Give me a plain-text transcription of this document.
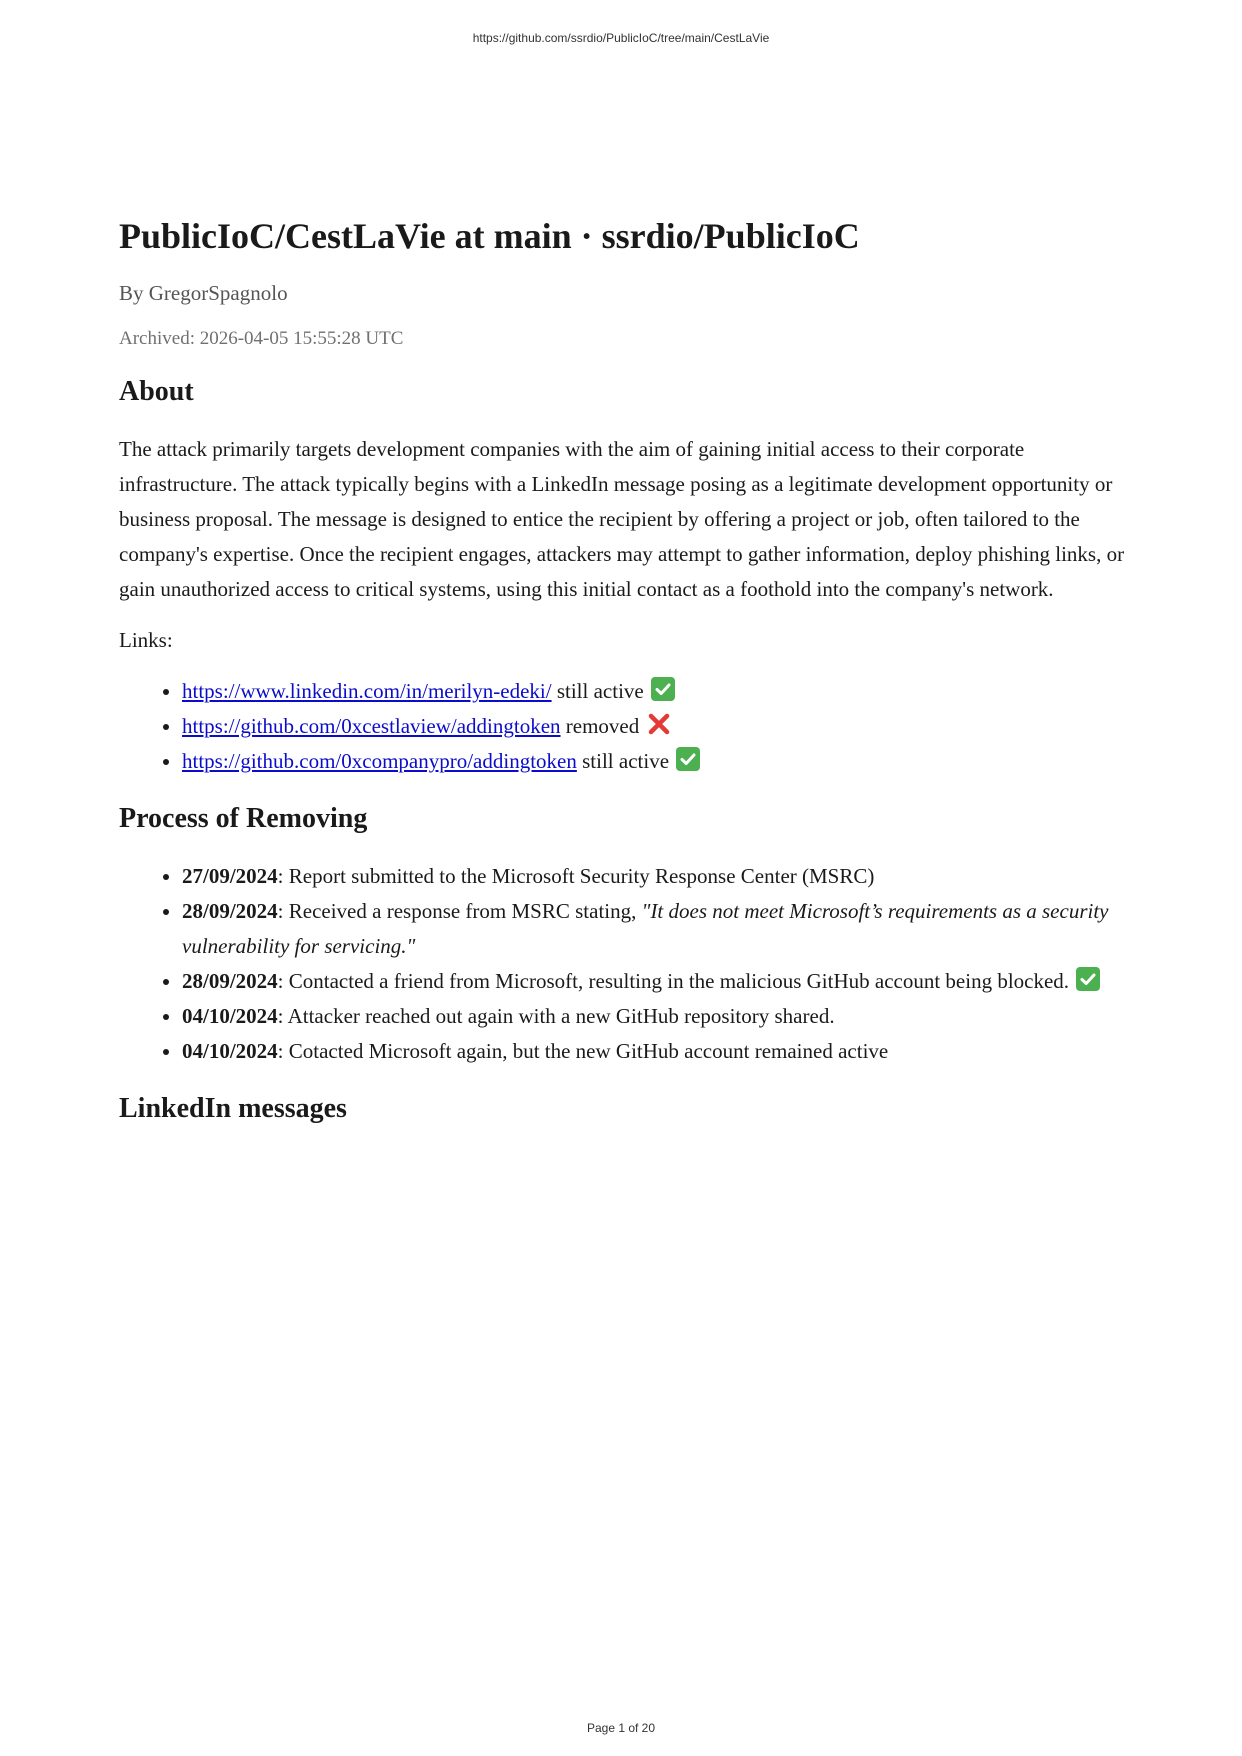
https://github.com/ssrdio/PublicIoC/tree/main/CestLaVie
PublicIoC/CestLaVie at main · ssrdio/PublicIoC
By GregorSpagnolo
Archived: 2026-04-05 15:55:28 UTC
About

The attack primarily targets development companies with the aim of gaining initial access to their corporate infrastructure. The attack typically begins with a LinkedIn message posing as a legitimate development opportunity or business proposal. The message is designed to entice the recipient by offering a project or job, often tailored to the company's expertise. Once the recipient engages, attackers may attempt to gather information, deploy phishing links, or gain unauthorized access to critical systems, using this initial contact as a foothold into the company's network.

Links:

• https://www.linkedin.com/in/merilyn-edeki/ still active
• https://github.com/0xcestlaview/addingtoken removed
• https://github.com/0xcompanypro/addingtoken still active
Process of Removing
• 27/09/2024: Report submitted to the Microsoft Security Response Center (MSRC)
• 28/09/2024: Received a response from MSRC stating, "It does not meet Microsoft’s requirements as a security vulnerability for servicing."
• 28/09/2024: Contacted a friend from Microsoft, resulting in the malicious GitHub account being blocked.
• 04/10/2024: Attacker reached out again with a new GitHub repository shared.
• 04/10/2024: Cotacted Microsoft again, but the new GitHub account remained active
LinkedIn messages
Page 1 of 20
